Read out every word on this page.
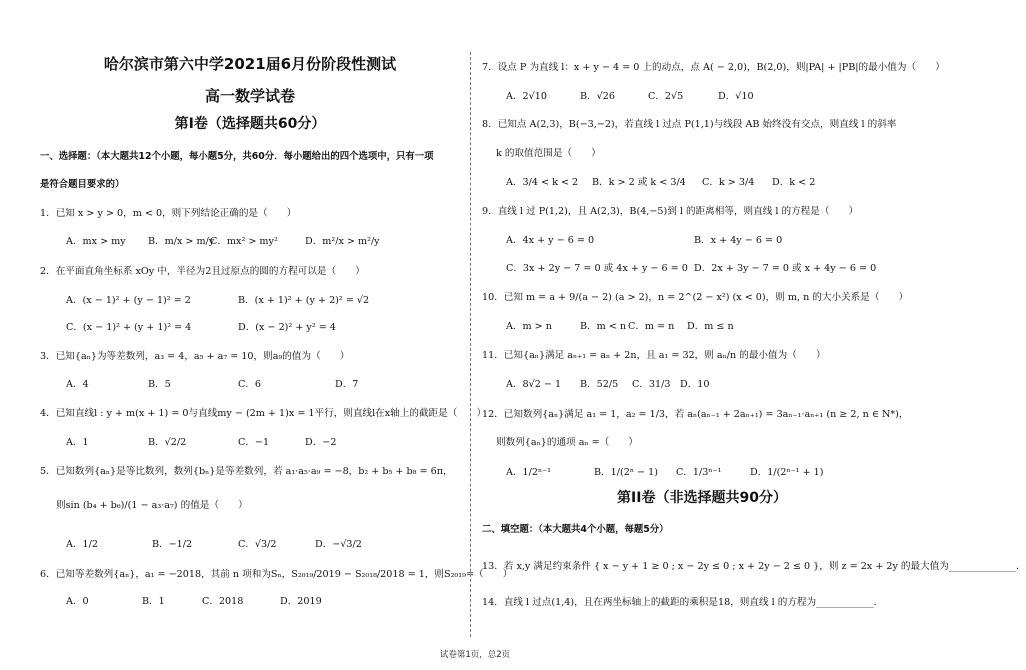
哈尔滨市第六中学2021届6月份阶段性测试
高一数学试卷
第Ⅰ卷（选择题共60分）
一、选择题：（本大题共12个小题，每小题5分，共60分．每小题给出的四个选项中，只有一项
是符合题目要求的）
1．已知 x > y > 0，m < 0，则下列结论正确的是（　　）
A．mx > my B．m/x > m/y
C．mx² > my²	D．m²/x > m²/y
2．在平面直角坐标系 xOy 中，半径为2且过原点的圆的方程可以是（　　）
A．(x − 1)² + (y − 1)² = 2	B．(x + 1)² + (y + 2)² = √2
C．(x − 1)² + (y + 1)² = 4	D．(x − 2)² + y² = 4
3．已知{aₙ}为等差数列，a₃ = 4，a₅ + a₇ = 10，则a₉的值为（　　）
A．4	B．5	C．6	D．7
4．已知直线l : y + m(x + 1) = 0与直线my − (2m + 1)x = 1平行，则直线l在x轴上的截距是（　　）
A．1	B．√2/2	C．−1	D．−2
5．已知数列{aₙ}是等比数列，数列{bₙ}是等差数列，若 a₁·a₅·a₉ = −8，b₂ + b₅ + b₈ = 6π，
则sin (b₄ + b₆)/(1 − a₃·a₇) 的值是（　　）
A．1/2	B．−1/2	C．√3/2	D．−√3/2
6．已知等差数列{aₙ}，a₁ = −2018，其前 n 项和为Sₙ，S₂₀₁₉/2019 − S₂₀₁₈/2018 = 1，则S₂₀₁₉=（　　）
A．0	B．1	C．2018	D．2019
7．设点 P 为直线 l：x + y − 4 = 0 上的动点，点 A( − 2,0)，B(2,0)，则|PA| + |PB|的最小值为（　　）
A．2√10	B．√26	C．2√5	D．√10
8．已知点 A(2,3)，B(−3,−2)，若直线 l 过点 P(1,1)与线段 AB 始终没有交点，则直线 l 的斜率
k 的取值范围是（　　）
A．3/4 < k < 2 B．k > 2 或 k < 3/4 C．k > 3/4 D．k < 2
9．直线 l 过 P(1,2)，且 A(2,3)，B(4,−5)到 l 的距离相等，则直线 l 的方程是（　　）
A．4x + y − 6 = 0	B．x + 4y − 6 = 0
C．3x + 2y − 7 = 0 或 4x + y − 6 = 0 D．2x + 3y − 7 = 0 或 x + 4y − 6 = 0
10．已知 m = a + 9/(a − 2) (a > 2)，n = 2^(2 − x²) (x < 0)，则 m, n 的大小关系是（　　）
A．m > n	B．m < n C．m = n D．m ≤ n
11．已知{aₙ}满足 aₙ₊₁ = aₙ + 2n，且 a₁ = 32，则 aₙ/n 的最小值为（　　）
A．8√2 − 1 B．52/5 C．31/3 D．10
12．已知数列{aₙ}满足 a₁ = 1，a₂ = 1/3，若 aₙ(aₙ₋₁ + 2aₙ₊₁) = 3aₙ₋₁·aₙ₊₁ (n ≥ 2, n ∈ N*)，
则数列{aₙ}的通项 aₙ =（　　）
A．1/2ⁿ⁻¹	B．1/(2ⁿ − 1) C．1/3ⁿ⁻¹	D．1/(2ⁿ⁻¹ + 1)
第II卷（非选择题共90分）
二、填空题：（本大题共4个小题，每题5分）
13．若 x,y 满足约束条件 { x − y + 1 ≥ 0 ; x − 2y ≤ 0 ; x + 2y − 2 ≤ 0 }，则 z = 2x + 2y 的最大值为______________．
14．直线 l 过点(1,4)，且在两坐标轴上的截距的乘积是18，则直线 l 的方程为____________．
试卷第1页，总2页
